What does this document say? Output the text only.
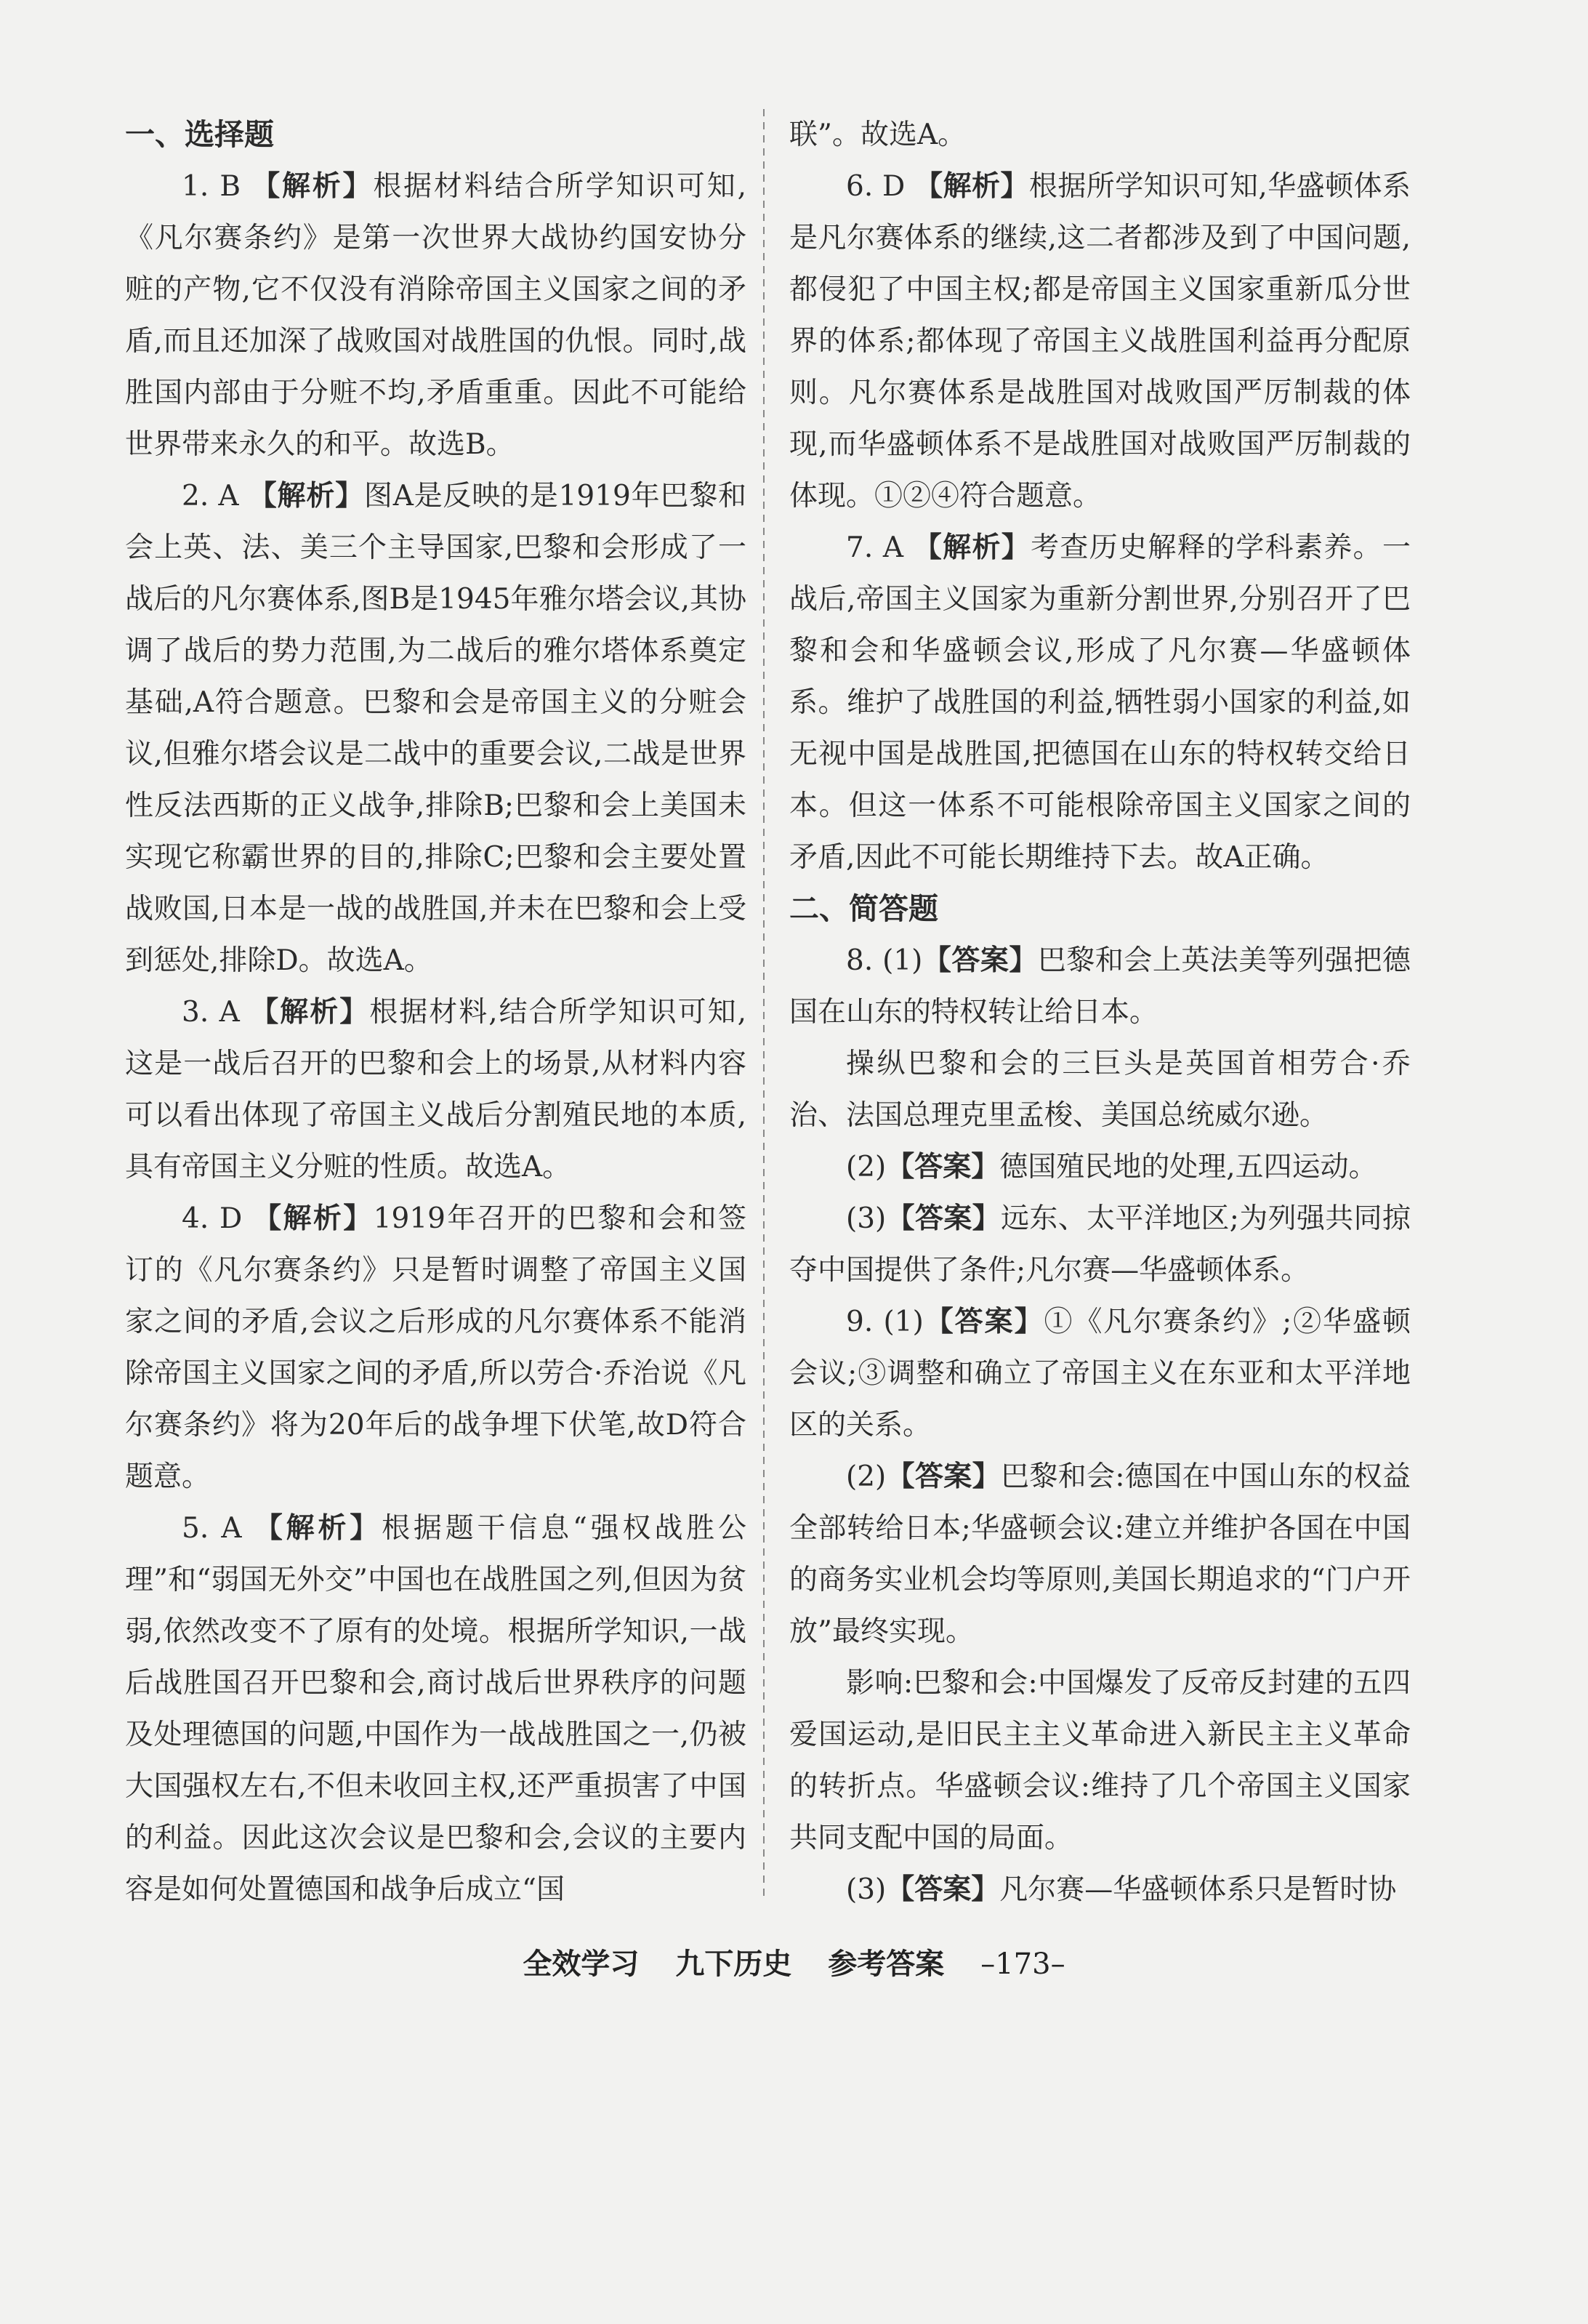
一、选择题
1. B 【解析】根据材料结合所学知识可知,《凡尔赛条约》是第一次世界大战协约国安协分赃的产物,它不仅没有消除帝国主义国家之间的矛盾,而且还加深了战败国对战胜国的仇恨。同时,战胜国内部由于分赃不均,矛盾重重。因此不可能给世界带来永久的和平。故选B。
2. A 【解析】图A是反映的是1919年巴黎和会上英、法、美三个主导国家,巴黎和会形成了一战后的凡尔赛体系,图B是1945年雅尔塔会议,其协调了战后的势力范围,为二战后的雅尔塔体系奠定基础,A符合题意。巴黎和会是帝国主义的分赃会议,但雅尔塔会议是二战中的重要会议,二战是世界性反法西斯的正义战争,排除B;巴黎和会上美国未实现它称霸世界的目的,排除C;巴黎和会主要处置战败国,日本是一战的战胜国,并未在巴黎和会上受到惩处,排除D。故选A。
3. A 【解析】根据材料,结合所学知识可知,这是一战后召开的巴黎和会上的场景,从材料内容可以看出体现了帝国主义战后分割殖民地的本质,具有帝国主义分赃的性质。故选A。
4. D 【解析】1919年召开的巴黎和会和签订的《凡尔赛条约》只是暂时调整了帝国主义国家之间的矛盾,会议之后形成的凡尔赛体系不能消除帝国主义国家之间的矛盾,所以劳合·乔治说《凡尔赛条约》将为20年后的战争埋下伏笔,故D符合题意。
5. A 【解析】根据题干信息“强权战胜公理”和“弱国无外交”中国也在战胜国之列,但因为贫弱,依然改变不了原有的处境。根据所学知识,一战后战胜国召开巴黎和会,商讨战后世界秩序的问题及处理德国的问题,中国作为一战战胜国之一,仍被大国强权左右,不但未收回主权,还严重损害了中国的利益。因此这次会议是巴黎和会,会议的主要内容是如何处置德国和战争后成立“国
联”。故选A。
6. D 【解析】根据所学知识可知,华盛顿体系是凡尔赛体系的继续,这二者都涉及到了中国问题,都侵犯了中国主权;都是帝国主义国家重新瓜分世界的体系;都体现了帝国主义战胜国利益再分配原则。凡尔赛体系是战胜国对战败国严厉制裁的体现,而华盛顿体系不是战胜国对战败国严厉制裁的体现。①②④符合题意。
7. A 【解析】考查历史解释的学科素养。一战后,帝国主义国家为重新分割世界,分别召开了巴黎和会和华盛顿会议,形成了凡尔赛—华盛顿体系。维护了战胜国的利益,牺牲弱小国家的利益,如无视中国是战胜国,把德国在山东的特权转交给日本。但这一体系不可能根除帝国主义国家之间的矛盾,因此不可能长期维持下去。故A正确。
二、简答题
8. (1)【答案】巴黎和会上英法美等列强把德国在山东的特权转让给日本。
操纵巴黎和会的三巨头是英国首相劳合·乔治、法国总理克里孟梭、美国总统威尔逊。
(2)【答案】德国殖民地的处理,五四运动。
(3)【答案】远东、太平洋地区;为列强共同掠夺中国提供了条件;凡尔赛—华盛顿体系。
9. (1)【答案】①《凡尔赛条约》;②华盛顿会议;③调整和确立了帝国主义在东亚和太平洋地区的关系。
(2)【答案】巴黎和会:德国在中国山东的权益全部转给日本;华盛顿会议:建立并维护各国在中国的商务实业机会均等原则,美国长期追求的“门户开放”最终实现。
影响:巴黎和会:中国爆发了反帝反封建的五四爱国运动,是旧民主主义革命进入新民主主义革命的转折点。华盛顿会议:维持了几个帝国主义国家共同支配中国的局面。
(3)【答案】凡尔赛—华盛顿体系只是暂时协
全效学习 九下历史 参考答案 –173–
